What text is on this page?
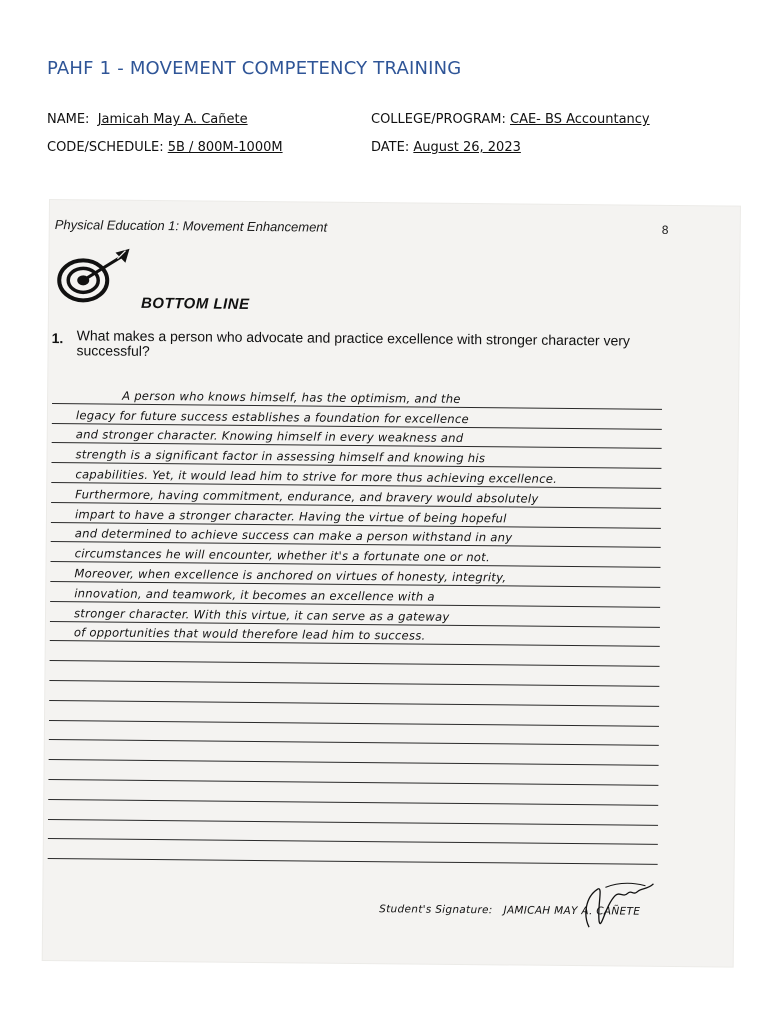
PAHF 1 - MOVEMENT COMPETENCY TRAINING
NAME: Jamicah May A. Cañete	COLLEGE/PROGRAM: CAE- BS Accountancy
CODE/SCHEDULE: 5B / 800M-1000M	DATE: August 26, 2023
Physical Education 1: Movement Enhancement	8
BOTTOM LINE
1. What makes a person who advocate and practice excellence with stronger character very successful?
A person who knows himself, has the optimism, and the
legacy for future success establishes a foundation for excellence
and stronger character. Knowing himself in every weakness and
strength is a significant factor in assessing himself and knowing his
capabilities. Yet, it would lead him to strive for more thus achieving excellence.
Furthermore, having commitment, endurance, and bravery would absolutely
impart to have a stronger character. Having the virtue of being hopeful
and determined to achieve success can make a person withstand in any
circumstances he will encounter, whether it's a fortunate one or not.
Moreover, when excellence is anchored on virtues of honesty, integrity,
innovation, and teamwork, it becomes an excellence with a
stronger character. With this virtue, it can serve as a gateway
of opportunities that would therefore lead him to success.
Student's Signature: JAMICAH MAY A. CAÑETE
